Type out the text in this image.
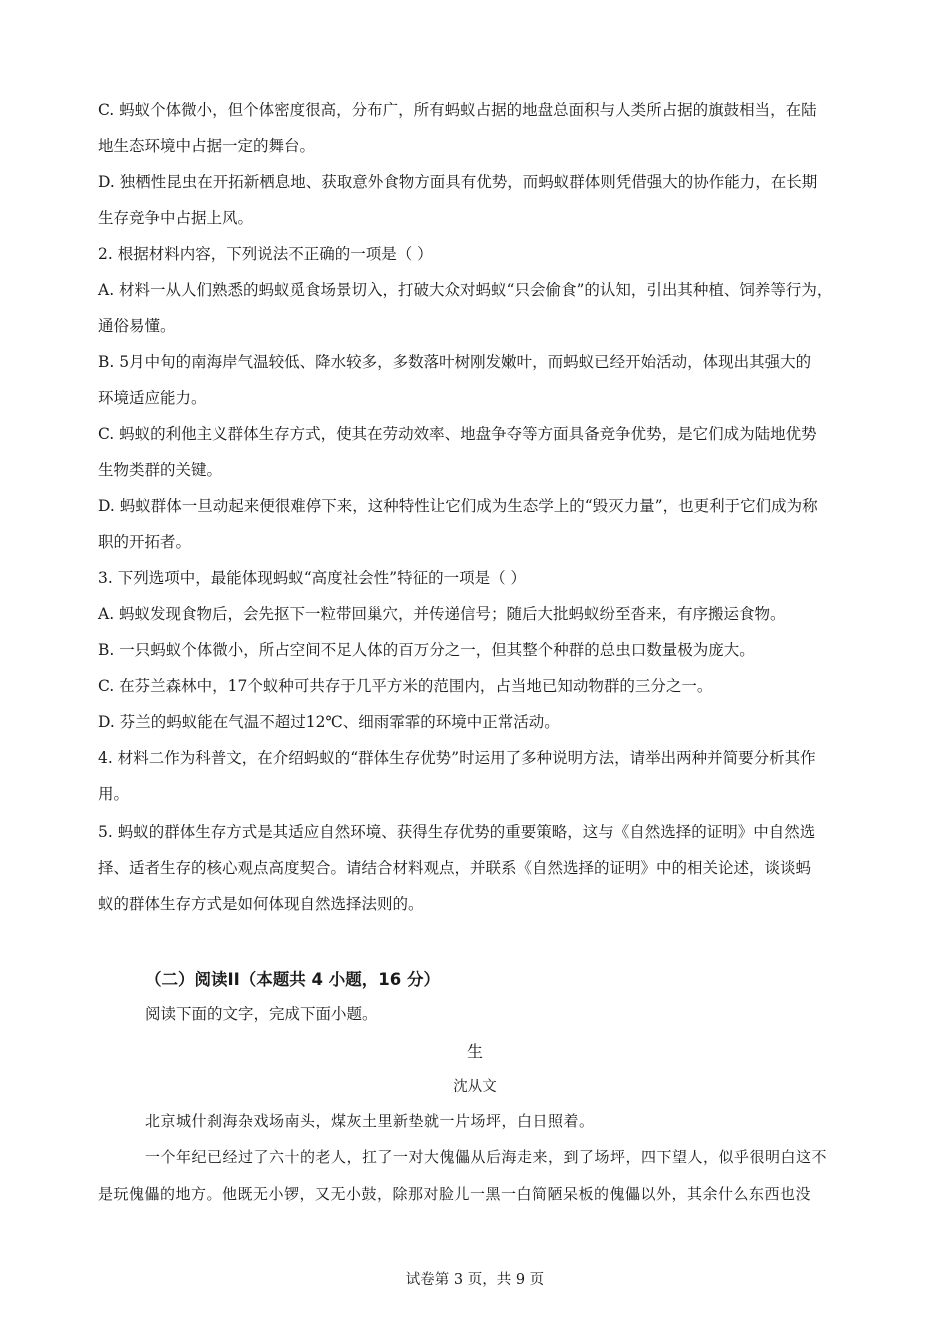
C. 蚂蚁个体微小，但个体密度很高，分布广，所有蚂蚁占据的地盘总面积与人类所占据的旗鼓相当，在陆
地生态环境中占据一定的舞台。
D. 独栖性昆虫在开拓新栖息地、获取意外食物方面具有优势，而蚂蚁群体则凭借强大的协作能力，在长期
生存竞争中占据上风。
2. 根据材料内容，下列说法不正确的一项是（ ）
A. 材料一从人们熟悉的蚂蚁觅食场景切入，打破大众对蚂蚁“只会偷食”的认知，引出其种植、饲养等行为，
通俗易懂。
B. 5月中旬的南海岸气温较低、降水较多，多数落叶树刚发嫩叶，而蚂蚁已经开始活动，体现出其强大的
环境适应能力。
C. 蚂蚁的利他主义群体生存方式，使其在劳动效率、地盘争夺等方面具备竞争优势，是它们成为陆地优势
生物类群的关键。
D. 蚂蚁群体一旦动起来便很难停下来，这种特性让它们成为生态学上的“毁灭力量”，也更利于它们成为称
职的开拓者。
3. 下列选项中，最能体现蚂蚁“高度社会性”特征的一项是（ ）
A. 蚂蚁发现食物后，会先抠下一粒带回巢穴，并传递信号；随后大批蚂蚁纷至沓来，有序搬运食物。
B. 一只蚂蚁个体微小，所占空间不足人体的百万分之一，但其整个种群的总虫口数量极为庞大。
C. 在芬兰森林中，17个蚁种可共存于几平方米的范围内，占当地已知动物群的三分之一。
D. 芬兰的蚂蚁能在气温不超过12℃、细雨霏霏的环境中正常活动。
4. 材料二作为科普文，在介绍蚂蚁的“群体生存优势”时运用了多种说明方法，请举出两种并简要分析其作
用。
5. 蚂蚁的群体生存方式是其适应自然环境、获得生存优势的重要策略，这与《自然选择的证明》中自然选
择、适者生存的核心观点高度契合。请结合材料观点，并联系《自然选择的证明》中的相关论述，谈谈蚂
蚁的群体生存方式是如何体现自然选择法则的。
（二）阅读II（本题共 4 小题，16 分）
阅读下面的文字，完成下面小题。
生
沈从文
北京城什刹海杂戏场南头，煤灰土里新垫就一片场坪，白日照着。
一个年纪已经过了六十的老人，扛了一对大傀儡从后海走来，到了场坪，四下望人，似乎很明白这不
是玩傀儡的地方。他既无小锣，又无小鼓，除那对脸儿一黑一白简陋呆板的傀儡以外，其余什么东西也没
试卷第 3 页，共 9 页
